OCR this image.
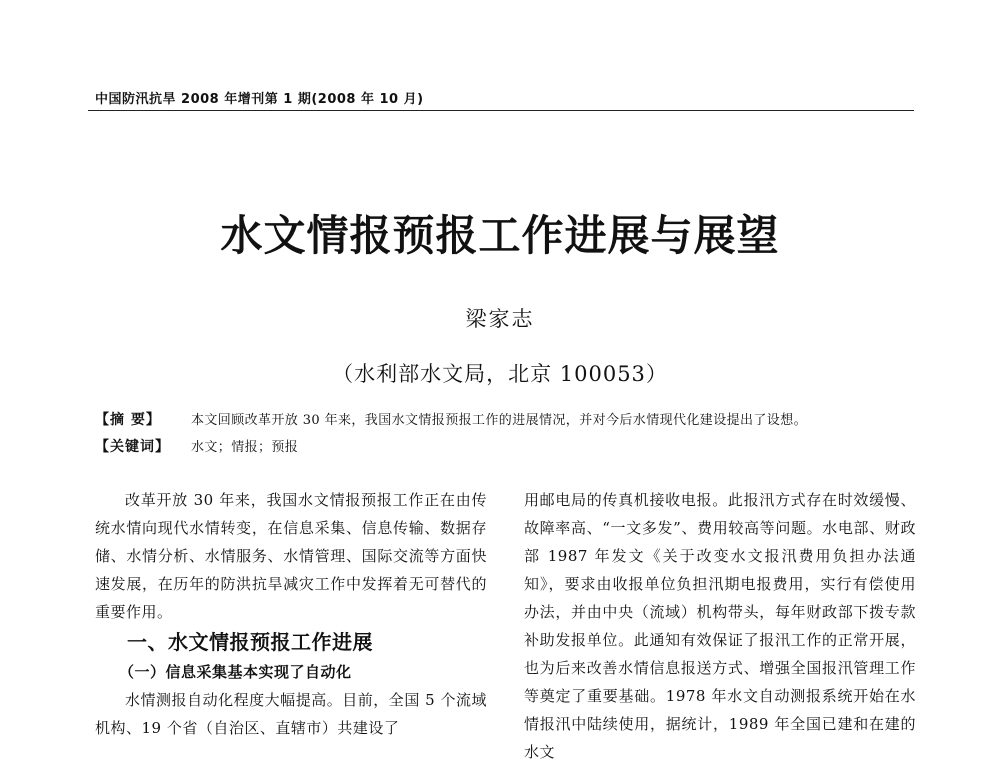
中国防汛抗旱 2008 年增刊第 1 期(2008 年 10 月)
水文情报预报工作进展与展望
梁家志
（水利部水文局，北京 100053）
【摘 要】 本文回顾改革开放 30 年来，我国水文情报预报工作的进展情况，并对今后水情现代化建设提出了设想。
【关键词】 水文；情报；预报

改革开放 30 年来，我国水文情报预报工作正在由传统水情向现代水情转变，在信息采集、信息传输、数据存储、水情分析、水情服务、水情管理、国际交流等方面快速发展，在历年的防洪抗旱减灾工作中发挥着无可替代的重要作用。

一、水文情报预报工作进展

（一）信息采集基本实现了自动化

水情测报自动化程度大幅提高。目前，全国 5 个流域机构、19 个省（自治区、直辖市）共建设了

用邮电局的传真机接收电报。此报汛方式存在时效缓慢、故障率高、“一文多发”、费用较高等问题。水电部、财政部 1987 年发文《关于改变水文报汛费用负担办法通知》，要求由收报单位负担汛期电报费用，实行有偿使用办法，并由中央（流域）机构带头，每年财政部下拨专款补助发报单位。此通知有效保证了报汛工作的正常开展，也为后来改善水情信息报送方式、增强全国报汛管理工作等奠定了重要基础。1978 年水文自动测报系统开始在水情报汛中陆续使用，据统计，1989 年全国已建和在建的水文
